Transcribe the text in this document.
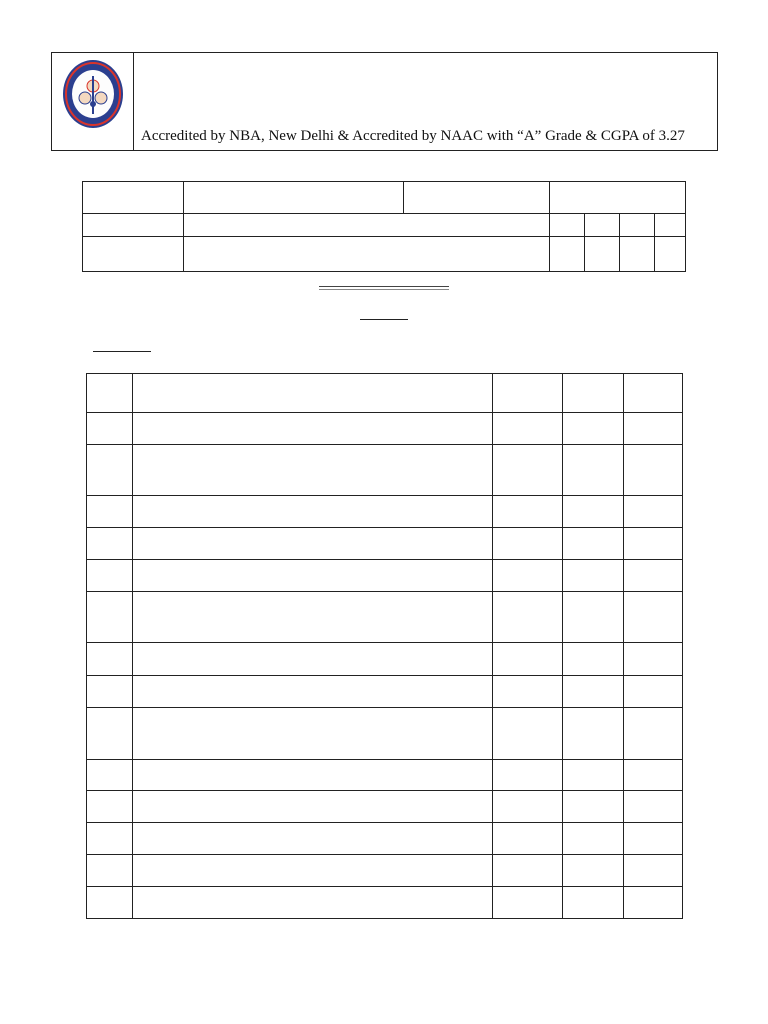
Accredited by NBA, New Delhi & Accredited by NAAC with “A” Grade & CGPA of 3.27
